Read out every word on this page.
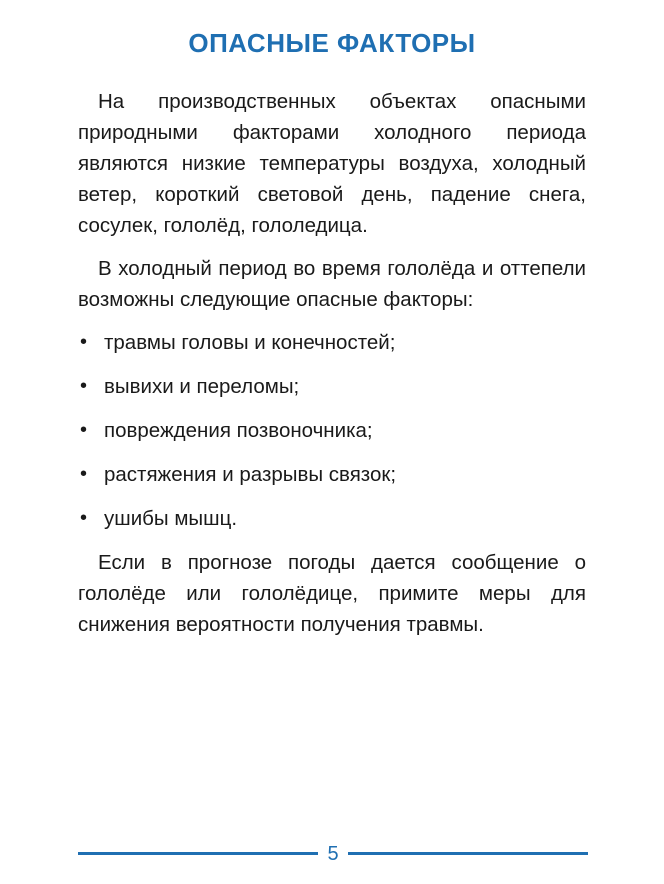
ОПАСНЫЕ ФАКТОРЫ

На производственных объектах опасными природными факторами холодного периода являются низкие температуры воздуха, холодный ветер, короткий световой день, падение снега, сосулек, гололёд, гололедица.

В холодный период во время гололёда и оттепели возможны следующие опасные факторы:

• травмы головы и конечностей;
• вывихи и переломы;
• повреждения позвоночника;
• растяжения и разрывы связок;
• ушибы мышц.

Если в прогнозе погоды дается сообщение о гололёде или гололёдице, примите меры для снижения вероятности получения травмы.

5
